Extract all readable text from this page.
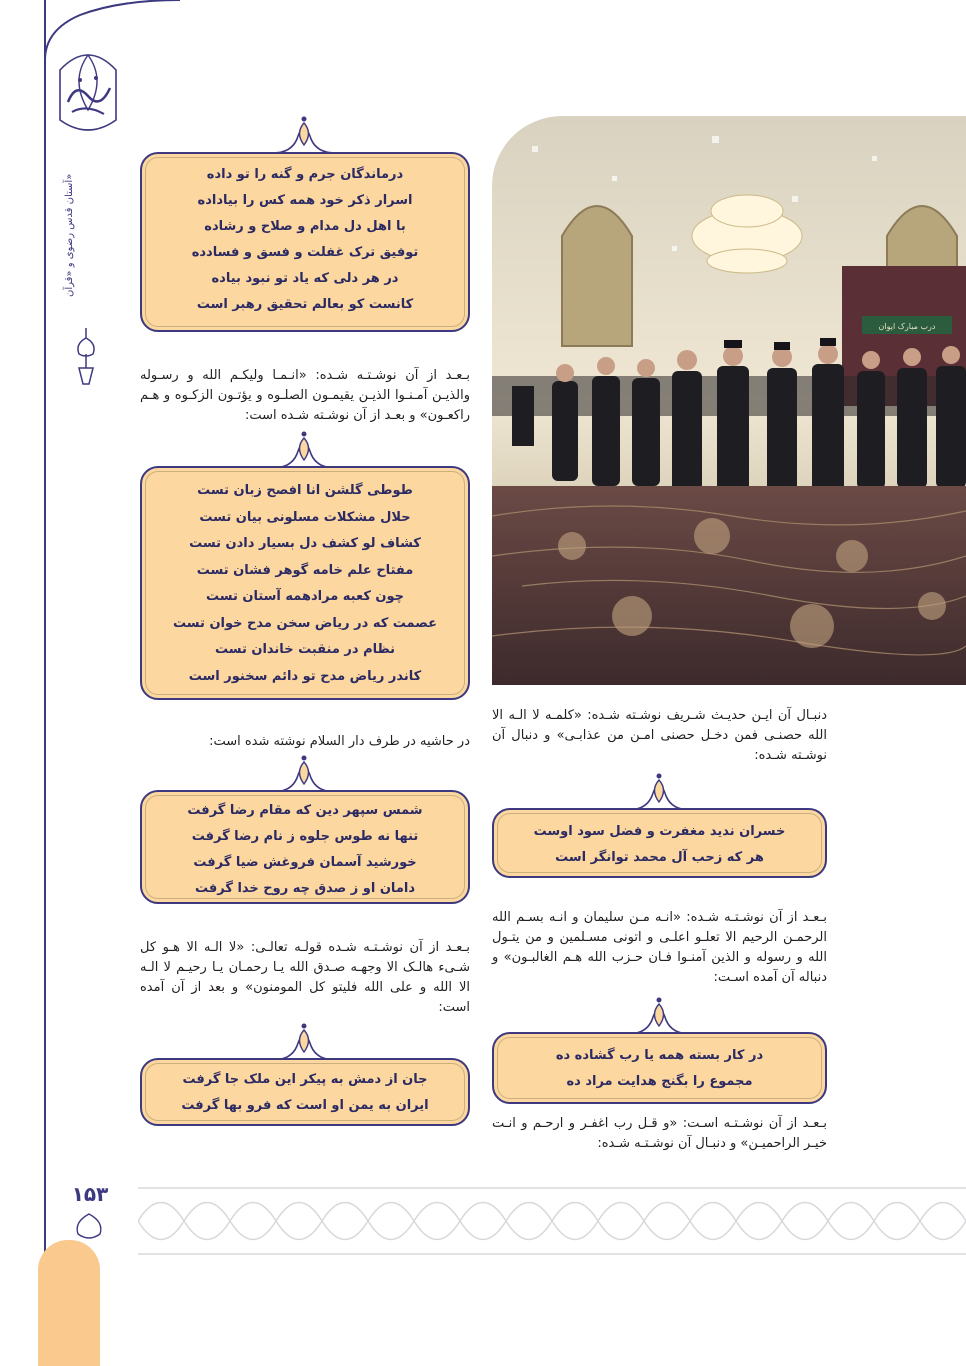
آستان قدس رضوی و «قرآن»
۱۵۳
درب مبارک ایوان
درماندگان جرم و گنه را تو داده
اسرار ذکر خود همه کس را بیاداده
با اهل دل مدام و صلاح و رشاده
توفیق ترک غفلت و فسق و فسادده
در هر دلی که یاد تو نبود بیاده
کانست کو بعالم تحقیق رهبر است
بـعـد از آن نوشـتـه شـده: «انـمـا ولیکـم الله و رسـوله والذیـن آمـنـوا الذیـن یقیمـون الصلـوه و یؤتـون الزکـوه و هـم راکعـون» و بعـد از آن نوشـته شـده است:
طوطی گلشن انا افصح زبان تست
حلال مشکلات مسلونی بیان تست
کشاف لو کشف دل بسیار دادن تست
مفتاح علم خامه گوهر فشان تست
چون کعبه مرادهمه آستان تست
عصمت که در ریاض سخن مدح خوان تست
نظام در منقبت خاندان تست
کاندر ریاض مدح تو دائم سخنور است
در حاشیه در طرف دار السلام نوشته شده است:
شمس سپهر دین که مقام رضا گرفت
تنها نه طوس جلوه ز نام رضا گرفت
خورشید آسمان فروغش ضیا گرفت
دامان او ز صدق چه روح خدا گرفت
بـعـد از آن نوشـتـه شـده قولـه تعالـی: «لا الـه الا هـو کل شـیء هالـک الا وجهـه صـدق الله یـا رحمـان یـا رحیـم لا الـه الا الله و علی الله فلیتو کل المومنون» و بعد از آن آمده است:
جان از دمش به پیکر این ملک جا گرفت
ایران به یمن او است که فرو بها گرفت
دنبـال آن ایـن حدیـث شـریف نوشـته شـده: «کلمـه لا الـه الا الله حصنـی فمن دخـل حصنی امـن من عذابـی» و دنبال آن نوشـته شـده:
خسران ندید مغفرت و فضل سود اوست
هر که زحب آل محمد توانگر است
بـعـد از آن نوشـتـه شـده: «انـه مـن سلیمان و انـه بسـم الله الرحمـن الرحیم الا تعلـو اعلـی و اتونی مسـلمین و من یتـول الله و رسوله و الذین آمنـوا فـان حـزب الله هـم الغالبـون» و دنباله آن آمده اسـت:
در کار بسته همه یا رب گشاده ده
مجموع را بگنج هدایت مراد ده
بـعـد از آن نوشـتـه اسـت: «و قـل رب اغفـر و ارحـم و انـت خیـر الراحمیـن» و دنبـال آن نوشـتـه شـده:
